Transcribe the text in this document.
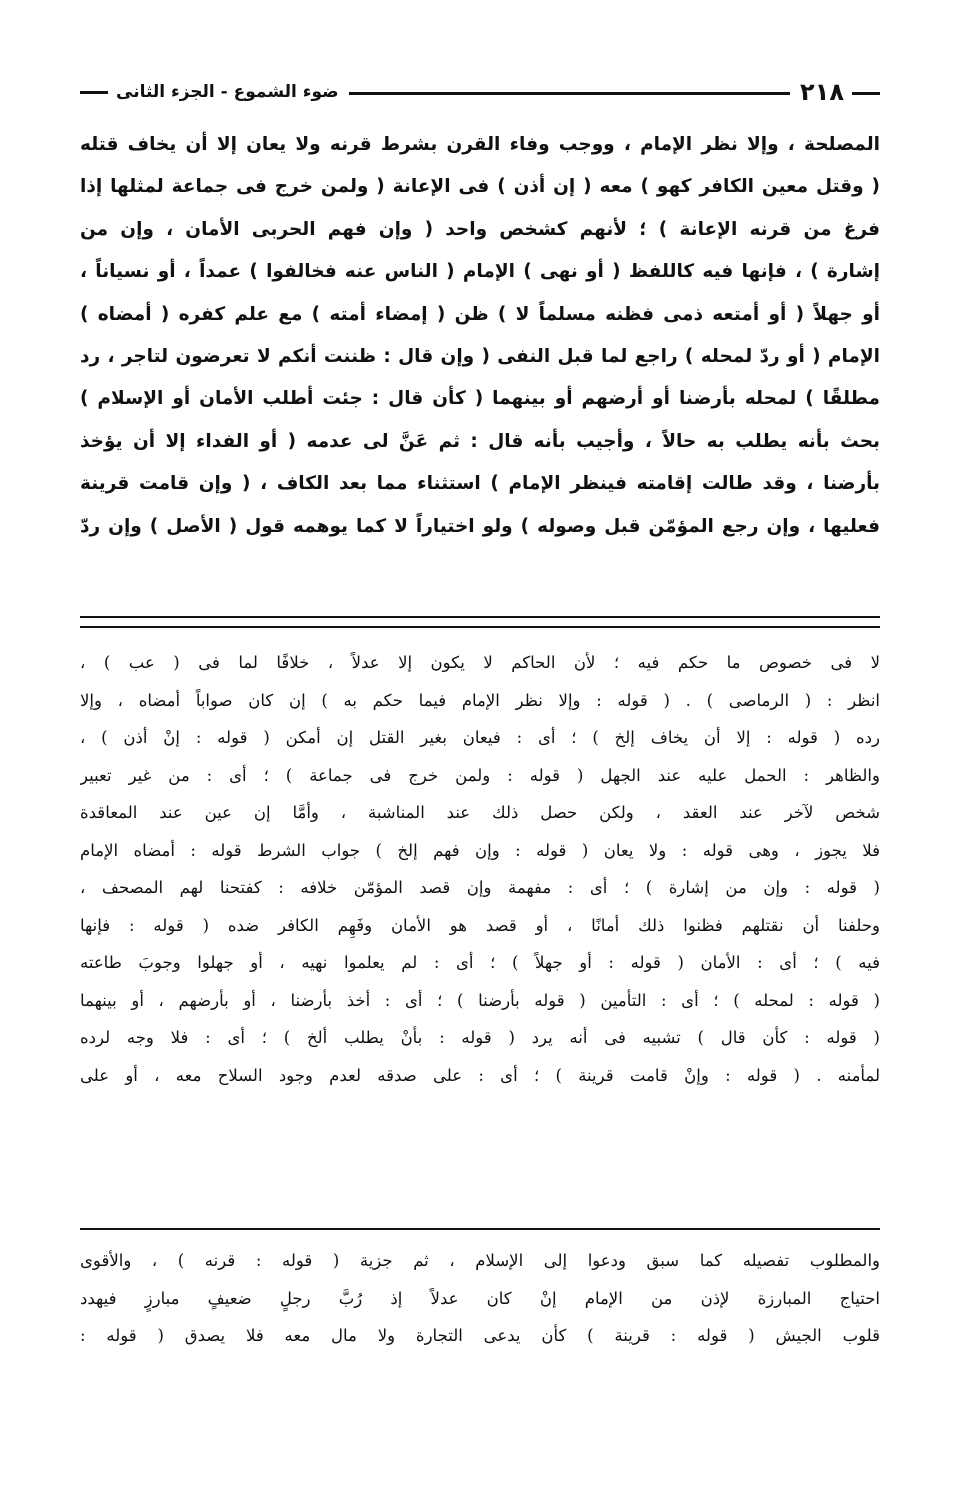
٢١٨
ضوء الشموع - الجزء الثانى
المصلحة ، وإلا نظر الإمام ، ووجب وفاء القرن بشرط قرنه ولا يعان إلا أن يخاف قتله
( وقتل معين الكافر كهو ) معه ( إن أذن ) فى الإعانة ( ولمن خرج فى جماعة لمثلها إذا
فرغ من قرنه الإعانة ) ؛ لأنهم كشخص واحد ( وإن فهم الحربى الأمان ، وإن من
إشارة ) ، فإنها فيه كاللفظ ( أو نهى ) الإمام ( الناس عنه فخالفوا ) عمداً ، أو نسياناً ،
أو جهلاً ( أو أمتعه ذمى فظنه مسلماً لا ) ظن ( إمضاء أمته ) مع علم كفره ( أمضاه )
الإمام ( أو ردّ لمحله ) راجع لما قبل النفى ( وإن قال : ظننت أنكم لا تعرضون لتاجر ، رد
مطلقًا ) لمحله بأرضنا أو أرضهم أو بينهما ( كأن قال : جئت أطلب الأمان أو الإسلام )
بحث بأنه يطلب به حالاً ، وأجيب بأنه قال : ثم عَنَّ لى عدمه ( أو الفداء إلا أن يؤخذ
بأرضنا ، وقد طالت إقامته فينظر الإمام ) استثناء مما بعد الكاف ، ( وإن قامت قرينة
فعليها ، وإن رجع المؤمّن قبل وصوله ) ولو اختياراً لا كما يوهمه قول ( الأصل ) وإن ردّ
لا فى خصوص ما حكم فيه ؛ لأن الحاكم لا يكون إلا عدلاً ، خلافًا لما فى ( عب ) ،
انظر : ( الرماصى ) . ( قوله : وإلا نظر الإمام فيما حكم به ) إن كان صواباً أمضاه ، وإلا
رده ( قوله : إلا أن يخاف إلخ ) ؛ أى : فيعان بغير القتل إن أمكن ( قوله : إنْ أذن ) ،
والظاهر : الحمل عليه عند الجهل ( قوله : ولمن خرج فى جماعة ) ؛ أى : من غير تعبير
شخص لآخر عند العقد ، ولكن حصل ذلك عند المناشبة ، وأمَّا إن عين عند المعاقدة
فلا يجوز ، وهى قوله : ولا يعان ( قوله : وإن فهم إلخ ) جواب الشرط قوله : أمضاه الإمام
( قوله : وإن من إشارة ) ؛ أى : مفهمة وإن قصد المؤمّن خلافه : كفتحنا لهم المصحف ،
وحلفنا أن نقتلهم فظنوا ذلك أمانًا ، أو قصد هو الأمان وفَهِم الكافر ضده ( قوله : فإنها
فيه ) ؛ أى : الأمان ( قوله : أو جهلاً ) ؛ أى : لم يعلموا نهيه ، أو جهلوا وجوبَ طاعته
( قوله : لمحله ) ؛ أى : التأمين ( قوله بأرضنا ) ؛ أى : أخذ بأرضنا ، أو بأرضهم ، أو بينهما
( قوله : كأن قال ) تشبيه فى أنه يرد ( قوله : بأنْ يطلب ألخ ) ؛ أى : فلا وجه لرده
لمأمنه . ( قوله : وإنْ قامت قرينة ) ؛ أى : على صدقه لعدم وجود السلاح معه ، أو على
والمطلوب تفصيله كما سبق ودعوا إلى الإسلام ، ثم جزية ( قوله : قرنه ) ، والأقوى
احتياج المبارزة لإذن من الإمام إنْ كان عدلاً إذ رُبَّ رجلٍ ضعيفٍ مبارزٍ فيهدد
قلوب الجيش ( قوله : قرينة ) كأن يدعى التجارة ولا مال معه فلا يصدق ( قوله :
